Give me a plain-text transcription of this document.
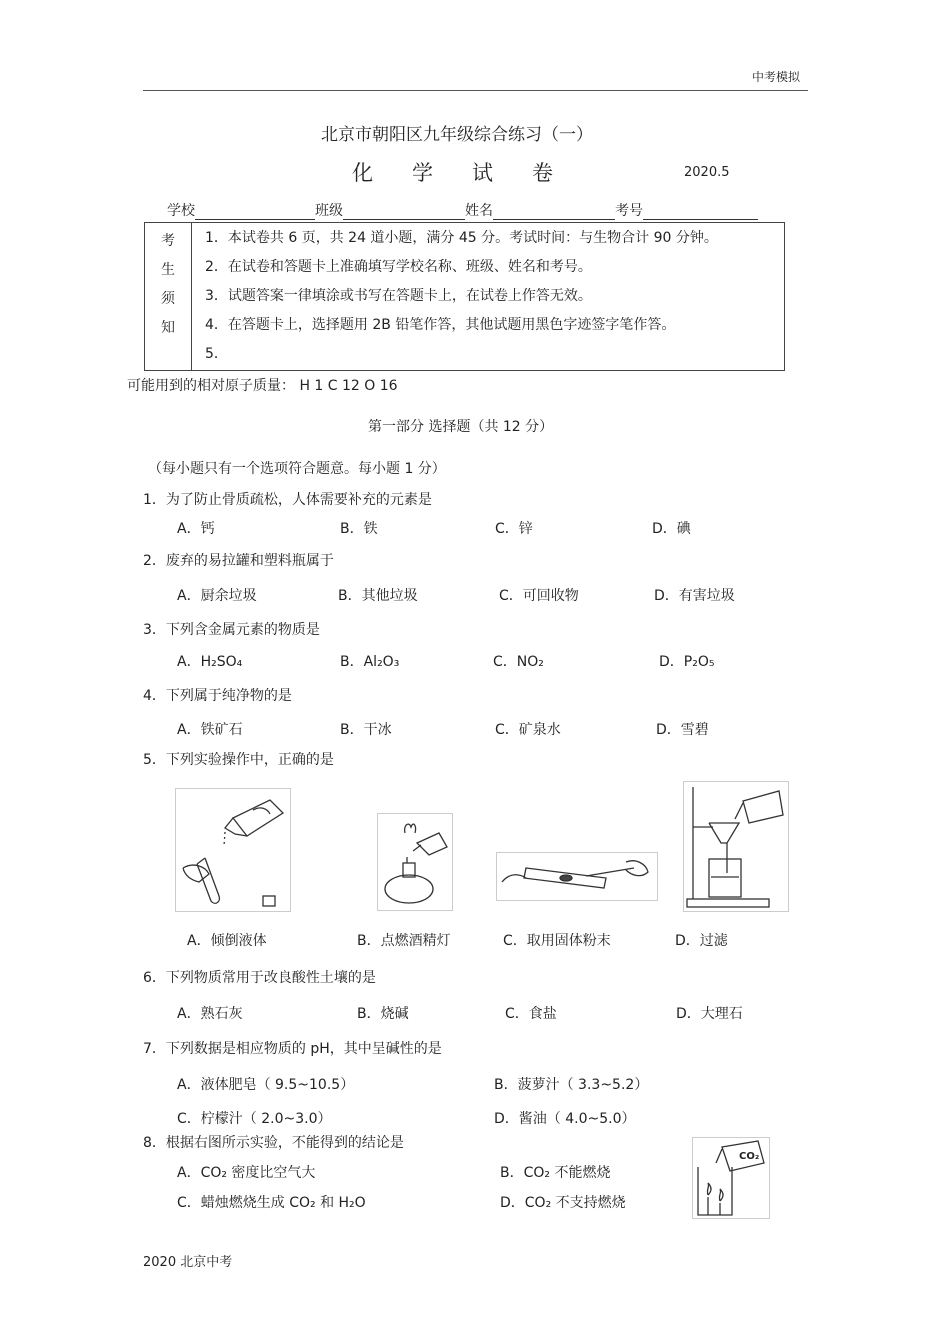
中考模拟
北京市朝阳区九年级综合练习（一）
化 学 试 卷	2020.5
学校	班级	姓名	考号
考
生
须
知

1．本试卷共 6 页，共 24 道小题，满分 45 分。考试时间：与生物合计 90 分钟。
2．在试卷和答题卡上准确填写学校名称、班级、姓名和考号。
3．试题答案一律填涂或书写在答题卡上，在试卷上作答无效。
4．在答题卡上，选择题用 2B 铅笔作答，其他试题用黑色字迹签字笔作答。
5．
可能用到的相对原子质量： H 1 C 12 O 16
第一部分 选择题（共 12 分）
（每小题只有一个选项符合题意。每小题 1 分）
1．为了防止骨质疏松，人体需要补充的元素是
A．钙	B．铁	C．锌	D．碘
2．废弃的易拉罐和塑料瓶属于
A．厨余垃圾	B．其他垃圾	C．可回收物	D．有害垃圾
3．下列含金属元素的物质是
A．H₂SO₄	B．Al₂O₃	C．NO₂	D．P₂O₅
4．下列属于纯净物的是
A．铁矿石	B．干冰	C．矿泉水	D．雪碧
5．下列实验操作中，正确的是
A．倾倒液体	B．点燃酒精灯	C．取用固体粉末	D．过滤
6．下列物质常用于改良酸性土壤的是
A．熟石灰	B．烧碱	C．食盐	D．大理石
7．下列数据是相应物质的 pH，其中呈碱性的是
A．液体肥皂（ 9.5~10.5）	B．菠萝汁（ 3.3~5.2）
C．柠檬汁（ 2.0~3.0）	D．酱油（ 4.0~5.0）
8．根据右图所示实验，不能得到的结论是
A．CO₂ 密度比空气大	B．CO₂ 不能燃烧
C．蜡烛燃烧生成 CO₂ 和 H₂O	D．CO₂ 不支持燃烧
CO₂
2020 北京中考
